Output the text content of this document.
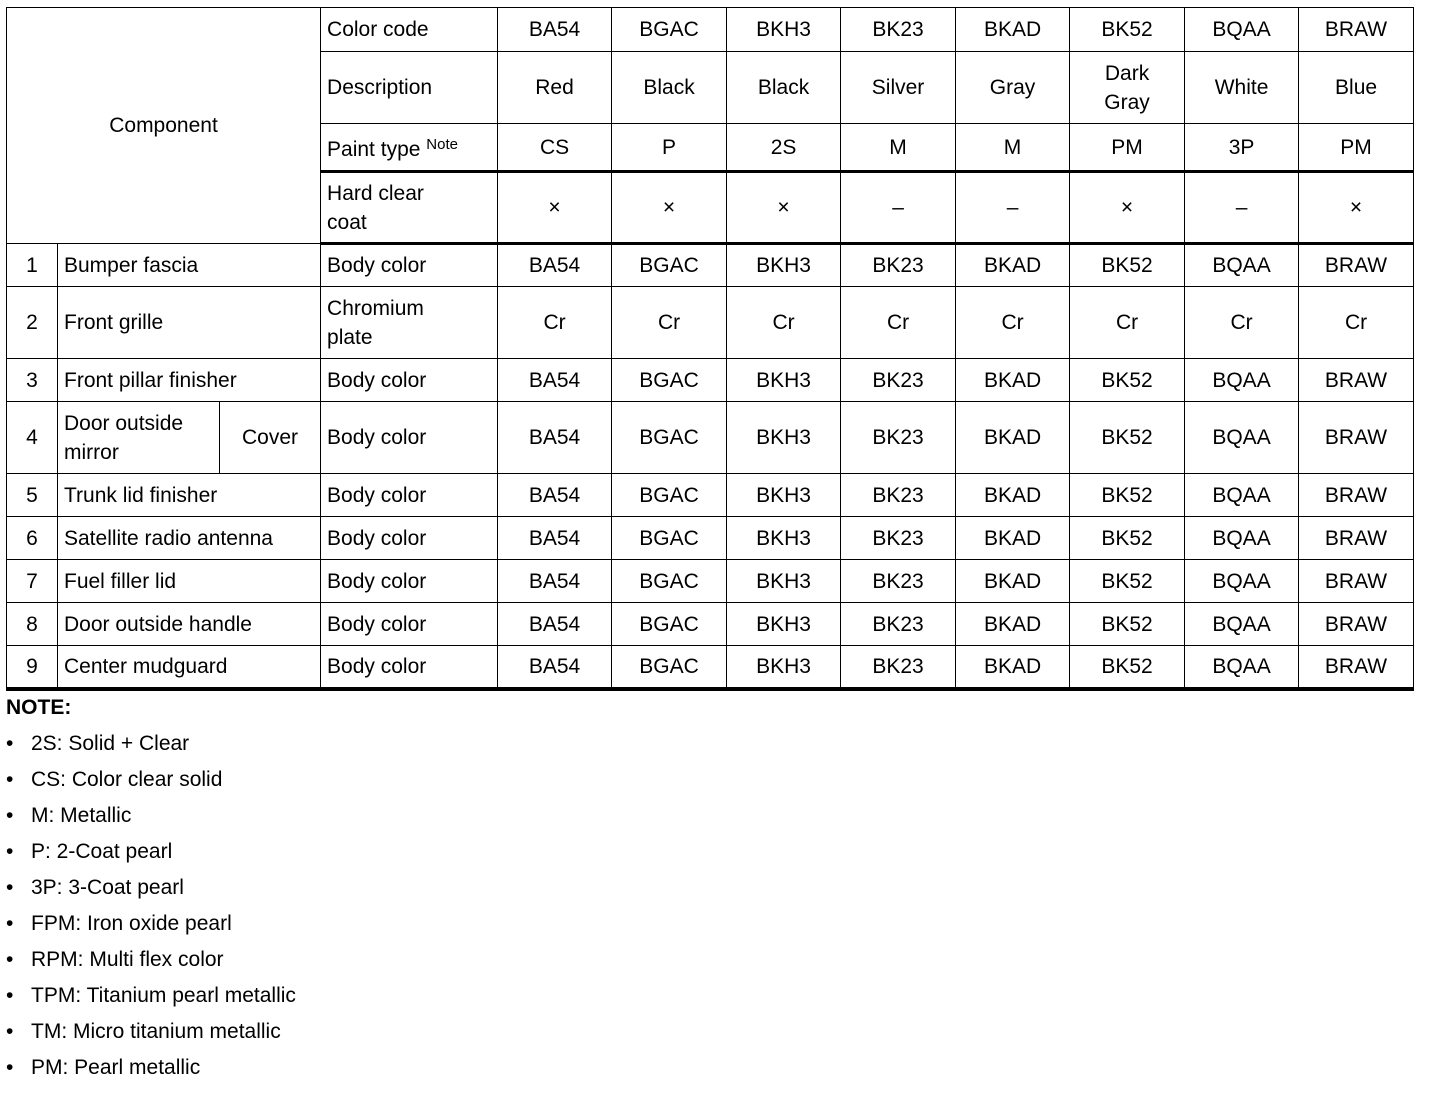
Component			Color code	BA54	BGAC	BKH3	BK23	BKAD	BK52	BQAA	BRAW
			Description	Red	Black	Black	Silver	Gray	Dark Gray	White	Blue
			Paint type $^{Note}$	CS	P	2S	M	M	PM	3P	PM
			Hard clear coat	×	×	×	–	–	×	–	×
1	Bumper fascia		Body color	BA54	BGAC	BKH3	BK23	BKAD	BK52	BQAA	BRAW
2	Front grille		Chromium plate	Cr	Cr	Cr	Cr	Cr	Cr	Cr	Cr
3	Front pillar finisher		Body color	BA54	BGAC	BKH3	BK23	BKAD	BK52	BQAA	BRAW
4	Door outside mirror	Cover	Body color	BA54	BGAC	BKH3	BK23	BKAD	BK52	BQAA	BRAW
5	Trunk lid finisher		Body color	BA54	BGAC	BKH3	BK23	BKAD	BK52	BQAA	BRAW
6	Satellite radio antenna		Body color	BA54	BGAC	BKH3	BK23	BKAD	BK52	BQAA	BRAW
7	Fuel filler lid		Body color	BA54	BGAC	BKH3	BK23	BKAD	BK52	BQAA	BRAW
8	Door outside handle		Body color	BA54	BGAC	BKH3	BK23	BKAD	BK52	BQAA	BRAW
9	Center mudguard		Body color	BA54	BGAC	BKH3	BK23	BKAD	BK52	BQAA	BRAW
NOTE:
• 2S: Solid + Clear
• CS: Color clear solid
• M: Metallic
• P: 2-Coat pearl
• 3P: 3-Coat pearl
• FPM: Iron oxide pearl
• RPM: Multi flex color
• TPM: Titanium pearl metallic
• TM: Micro titanium metallic
• PM: Pearl metallic
